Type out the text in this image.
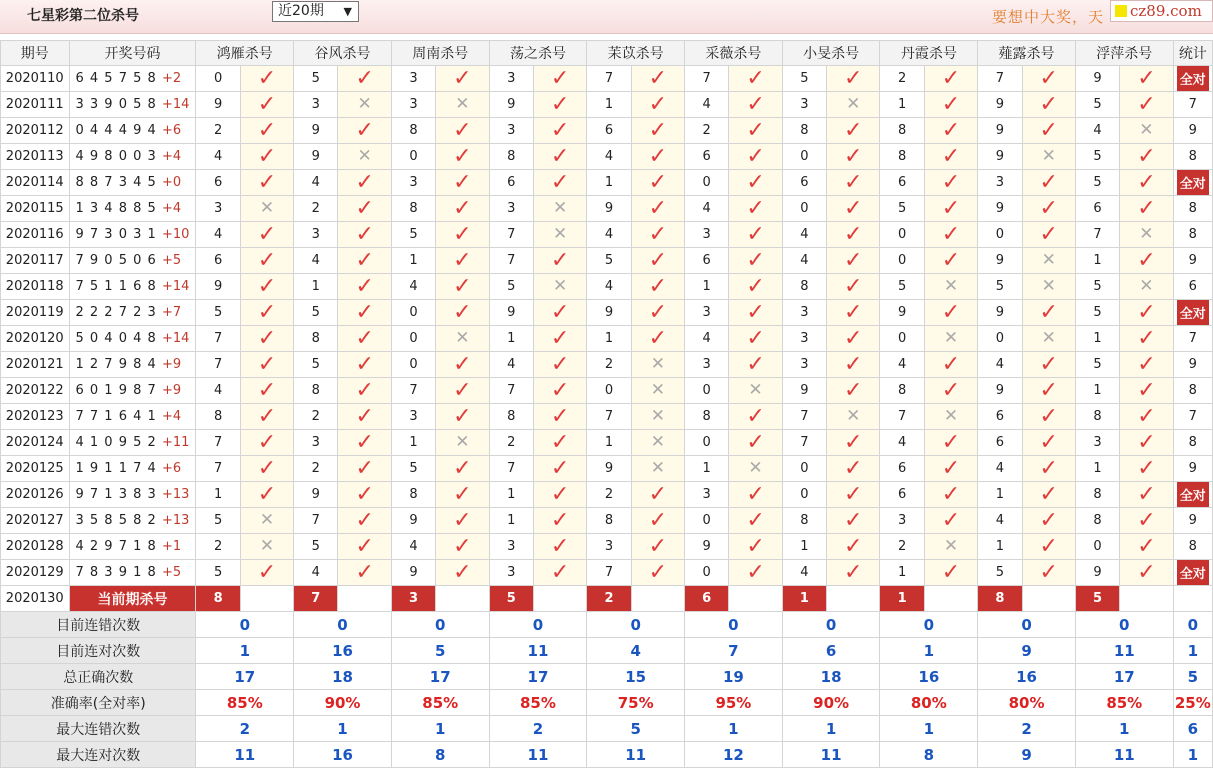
七星彩第二位杀号	近20期 ▼	要想中大奖，天 cz89.com
期号	开奖号码	鸿雁杀号		谷风杀号		周南杀号		荡之杀号		苿苡杀号		采薇杀号		小旻杀号		丹霞杀号		薤露杀号		浮萍杀号		统计
2020110	6 4 5 7 5 8 +2	0	✓	5	✓	3	✓	3	✓	7	✓	7	✓	5	✓	2	✓	7	✓	9	✓	全对
2020111	3 3 9 0 5 8 +14	9	✓	3	✕	3	✕	9	✓	1	✓	4	✓	3	✕	1	✓	9	✓	5	✓	7
2020112	0 4 4 4 9 4 +6	2	✓	9	✓	8	✓	3	✓	6	✓	2	✓	8	✓	8	✓	9	✓	4	✕	9
2020113	4 9 8 0 0 3 +4	4	✓	9	✕	0	✓	8	✓	4	✓	6	✓	0	✓	8	✓	9	✕	5	✓	8
2020114	8 8 7 3 4 5 +0	6	✓	4	✓	3	✓	6	✓	1	✓	0	✓	6	✓	6	✓	3	✓	5	✓	全对
2020115	1 3 4 8 8 5 +4	3	✕	2	✓	8	✓	3	✕	9	✓	4	✓	0	✓	5	✓	9	✓	6	✓	8
2020116	9 7 3 0 3 1 +10	4	✓	3	✓	5	✓	7	✕	4	✓	3	✓	4	✓	0	✓	0	✓	7	✕	8
2020117	7 9 0 5 0 6 +5	6	✓	4	✓	1	✓	7	✓	5	✓	6	✓	4	✓	0	✓	9	✕	1	✓	9
2020118	7 5 1 1 6 8 +14	9	✓	1	✓	4	✓	5	✕	4	✓	1	✓	8	✓	5	✕	5	✕	5	✕	6
2020119	2 2 2 7 2 3 +7	5	✓	5	✓	0	✓	9	✓	9	✓	3	✓	3	✓	9	✓	9	✓	5	✓	全对
2020120	5 0 4 0 4 8 +14	7	✓	8	✓	0	✕	1	✓	1	✓	4	✓	3	✓	0	✕	0	✕	1	✓	7
2020121	1 2 7 9 8 4 +9	7	✓	5	✓	0	✓	4	✓	2	✕	3	✓	3	✓	4	✓	4	✓	5	✓	9
2020122	6 0 1 9 8 7 +9	4	✓	8	✓	7	✓	7	✓	0	✕	0	✕	9	✓	8	✓	9	✓	1	✓	8
2020123	7 7 1 6 4 1 +4	8	✓	2	✓	3	✓	8	✓	7	✕	8	✓	7	✕	7	✕	6	✓	8	✓	7
2020124	4 1 0 9 5 2 +11	7	✓	3	✓	1	✕	2	✓	1	✕	0	✓	7	✓	4	✓	6	✓	3	✓	8
2020125	1 9 1 1 7 4 +6	7	✓	2	✓	5	✓	7	✓	9	✕	1	✕	0	✓	6	✓	4	✓	1	✓	9
2020126	9 7 1 3 8 3 +13	1	✓	9	✓	8	✓	1	✓	2	✓	3	✓	0	✓	6	✓	1	✓	8	✓	全对
2020127	3 5 8 5 8 2 +13	5	✕	7	✓	9	✓	1	✓	8	✓	0	✓	8	✓	3	✓	4	✓	8	✓	9
2020128	4 2 9 7 1 8 +1	2	✕	5	✓	4	✓	3	✓	3	✓	9	✓	1	✓	2	✕	1	✓	0	✓	8
2020129	7 8 3 9 1 8 +5	5	✓	4	✓	9	✓	3	✓	7	✓	0	✓	4	✓	1	✓	5	✓	9	✓	全对
2020130	当前期杀号	8		7		3		5		2		6		1		1		8		5		

目前连错次数		0		0		0		0		0		0		0		0		0		0		0
目前连对次数		1		16		5		11		4		7		6		1		9		11		1
总正确次数		17		18		17		17		15		19		18		16		16		17		5
准确率(全对率)		85%		90%		85%		85%		75%		95%		90%		80%		80%		85%		25%
最大连错次数		2		1		1		2		5		1		1		1		2		1		6
最大连对次数		11		16		8		11		11		12		11		8		9		11		1
